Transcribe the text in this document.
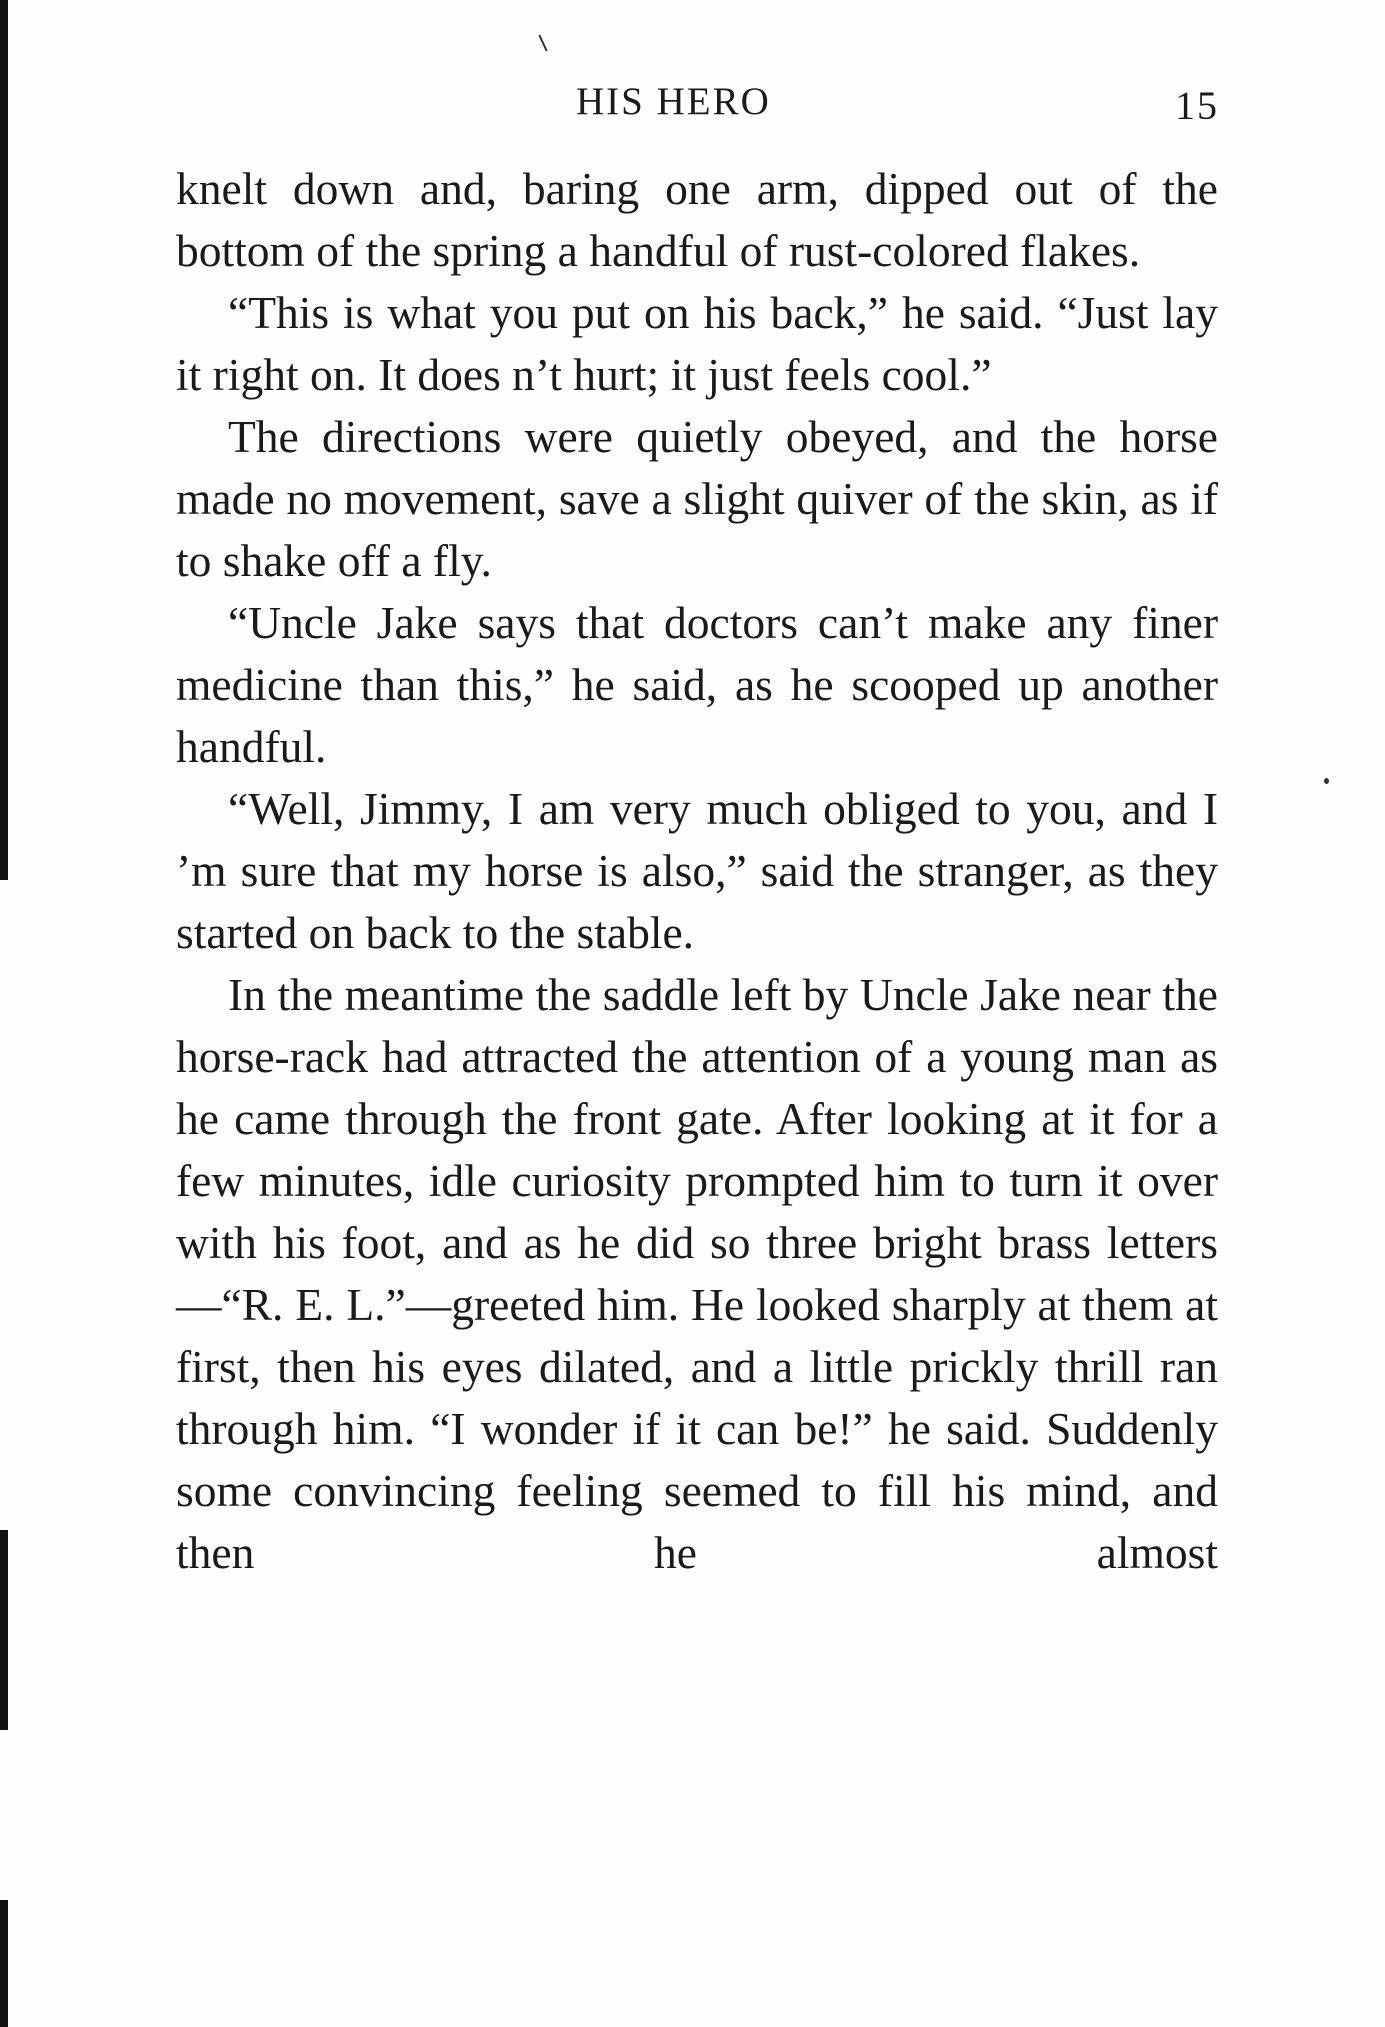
HIS HERO	15

knelt down and, baring one arm, dipped out of the bottom of the spring a handful of rust-colored flakes.

“This is what you put on his back,” he said. “Just lay it right on. It does n’t hurt; it just feels cool.”

The directions were quietly obeyed, and the horse made no movement, save a slight quiver of the skin, as if to shake off a fly.

“Uncle Jake says that doctors can’t make any finer medicine than this,” he said, as he scooped up another handful.

“Well, Jimmy, I am very much obliged to you, and I ’m sure that my horse is also,” said the stranger, as they started on back to the stable.

In the meantime the saddle left by Uncle Jake near the horse-rack had attracted the attention of a young man as he came through the front gate. After looking at it for a few minutes, idle curiosity prompted him to turn it over with his foot, and as he did so three bright brass letters—“R. E. L.”—greeted him. He looked sharply at them at first, then his eyes dilated, and a little prickly thrill ran through him. “I wonder if it can be!” he said. Suddenly some convincing feeling seemed to fill his mind, and then he almost
